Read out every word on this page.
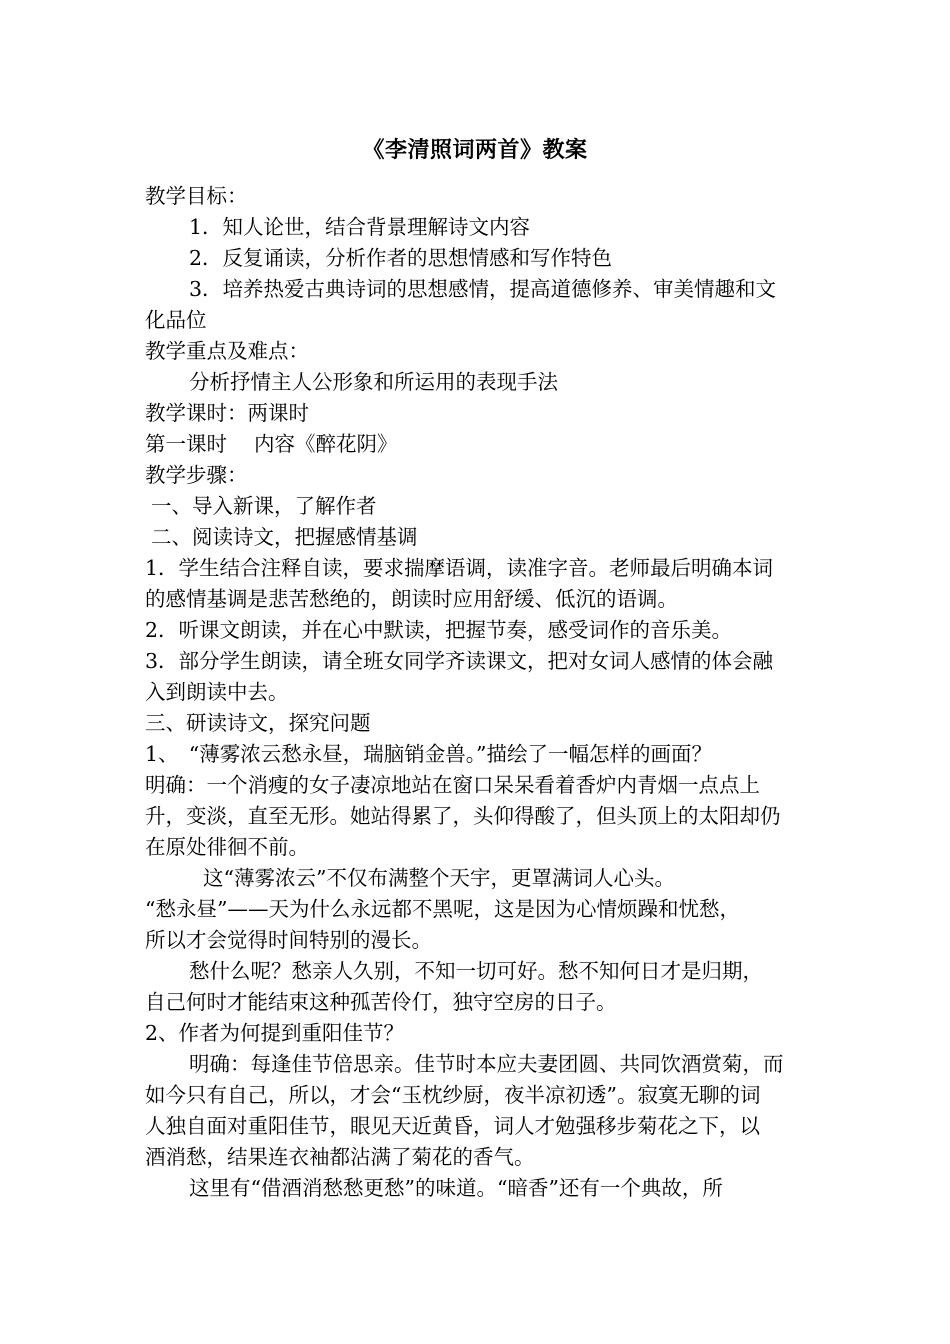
《李清照词两首》教案
教学目标：
1．知人论世，结合背景理解诗文内容
2．反复诵读，分析作者的思想情感和写作特色
3．培养热爱古典诗词的思想感情，提高道德修养、审美情趣和文
化品位
教学重点及难点：
分析抒情主人公形象和所运用的表现手法
教学课时：两课时
第一课时　 内容《醉花阴》
教学步骤：
一、导入新课，了解作者
二、阅读诗文，把握感情基调
1．学生结合注释自读，要求揣摩语调，读准字音。老师最后明确本词
的感情基调是悲苦愁绝的，朗读时应用舒缓、低沉的语调。
2．听课文朗读，并在心中默读，把握节奏，感受词作的音乐美。
3．部分学生朗读，请全班女同学齐读课文，把对女词人感情的体会融
入到朗读中去。
三、研读诗文，探究问题
1、　“薄雾浓云愁永昼，瑞脑销金兽。”描绘了一幅怎样的画面？
明确：一个消瘦的女子凄凉地站在窗口呆呆看着香炉内青烟一点点上
升，变淡，直至无形。她站得累了，头仰得酸了，但头顶上的太阳却仍
在原处徘徊不前。
这“薄雾浓云”不仅布满整个天宇，更罩满词人心头。
“愁永昼”——天为什么永远都不黑呢，这是因为心情烦躁和忧愁，
所以才会觉得时间特别的漫长。
愁什么呢？愁亲人久别，不知一切可好。愁不知何日才是归期，
自己何时才能结束这种孤苦伶仃，独守空房的日子。
2、作者为何提到重阳佳节？
明确：每逢佳节倍思亲。佳节时本应夫妻团圆、共同饮酒赏菊，而
如今只有自己，所以，才会“玉枕纱厨，夜半凉初透”。寂寞无聊的词
人独自面对重阳佳节，眼见天近黄昏，词人才勉强移步菊花之下，以
酒消愁，结果连衣袖都沾满了菊花的香气。
这里有“借酒消愁愁更愁”的味道。“暗香”还有一个典故，所
